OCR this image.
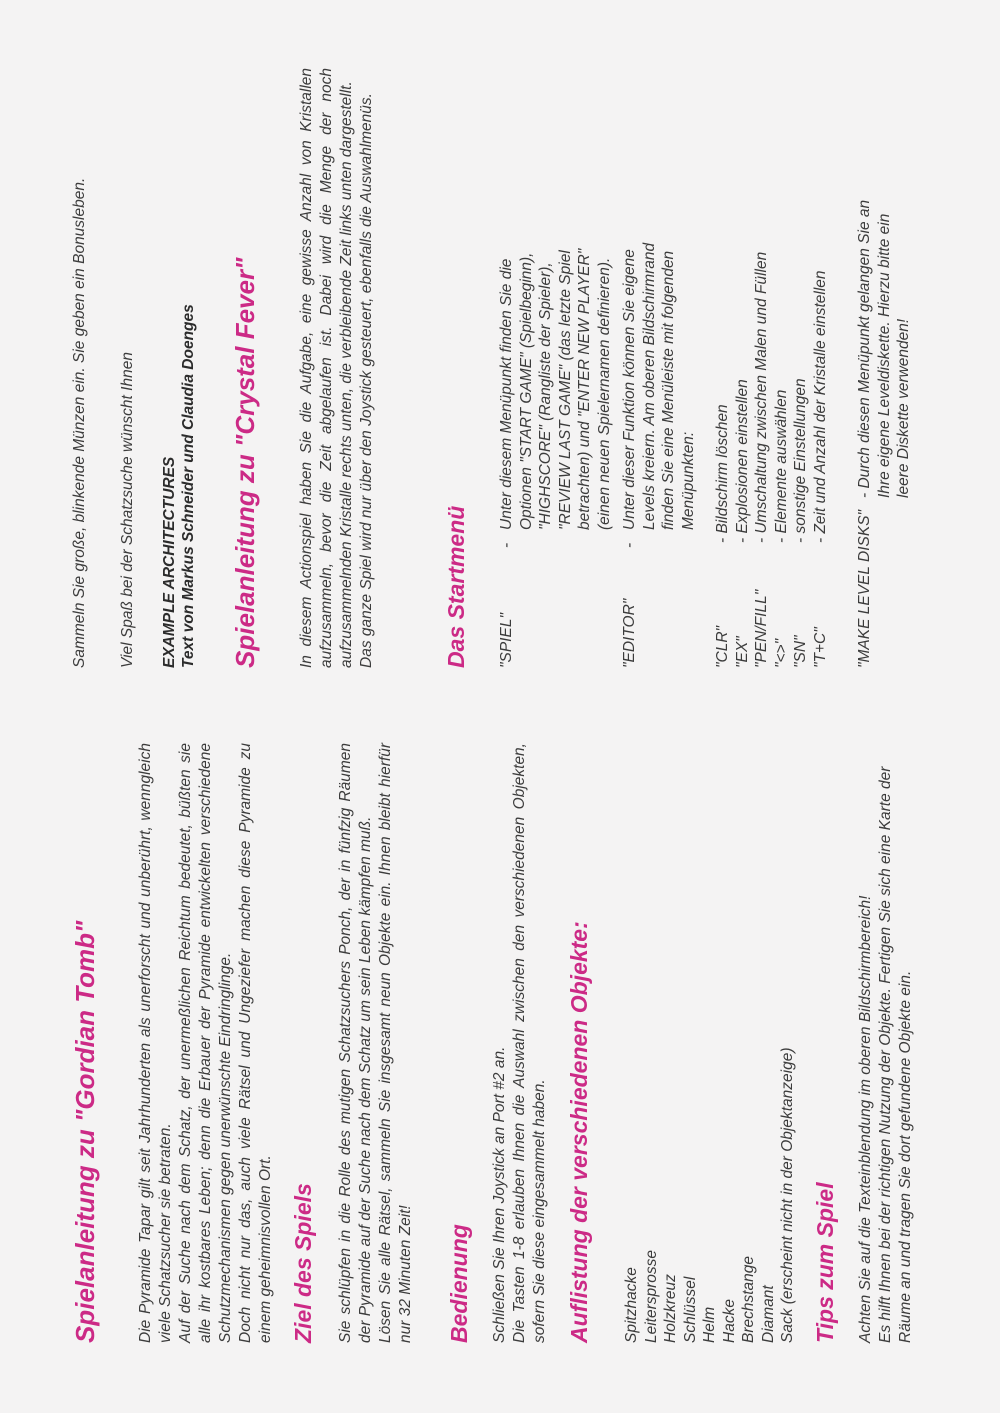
Spielanleitung zu "Gordian Tomb" Die Pyramide Tapar gilt seit Jahrhunderten als unerforscht und unberührt, wenngleich viele Schatzsucher sie betraten. Auf der Suche nach dem Schatz, der unermeßlichen Reichtum bedeutet, büßten sie alle ihr kostbares Leben; denn die Erbauer der Pyramide entwickelten verschiedene Schutzmechanismen gegen unerwünschte Eindringlinge. Doch nicht nur das, auch viele Rätsel und Ungeziefer machen diese Pyramide zu einem geheimnisvollen Ort. Ziel des Spiels Sie schlüpfen in die Rolle des mutigen Schatzsuchers Ponch, der in fünfzig Räumen der Pyramide auf der Suche nach dem Schatz um sein Leben kämpfen muß. Lösen Sie alle Rätsel, sammeln Sie insgesamt neun Objekte ein. Ihnen bleibt hierfür nur 32 Minuten Zeit! Bedienung Schließen Sie Ihren Joystick an Port #2 an. Die Tasten 1-8 erlauben Ihnen die Auswahl zwischen den verschiedenen Objekten, sofern Sie diese eingesammelt haben. Auflistung der verschiedenen Objekte: Spitzhacke Leitersprosse Holzkreuz Schlüssel Helm Hacke Brechstange Diamant Sack (erscheint nicht in der Objektanzeige) Tips zum Spiel Achten Sie auf die Texteinblendung im oberen Bildschirmbereich! Es hilft Ihnen bei der richtigen Nutzung der Objekte. Fertigen Sie sich eine Karte der Räume an und tragen Sie dort gefundene Objekte ein.

Sammeln Sie große, blinkende Münzen ein. Sie geben ein Bonusleben. Viel Spaß bei der Schatzsuche wünscht Ihnen EXAMPLE ARCHITECTURES Text von Markus Schneider und Claudia Doenges Spielanleitung zu "Crystal Fever" In diesem Actionspiel haben Sie die Aufgabe, eine gewisse Anzahl von Kristallen aufzusammeln, bevor die Zeit abgelaufen ist. Dabei wird die Menge der noch aufzusammelnden Kristalle rechts unten, die verbleibende Zeit links unten dargestellt. Das ganze Spiel wird nur über den Joystick gesteuert, ebenfalls die Auswahlmenüs.	Das Startmenü "SPIEL"
-
Unter diesem Menüpunkt finden Sie die Optionen "START GAME" (Spielbeginn), "HIGHSCORE" (Rangliste der Spieler), "REVIEW LAST GAME" (das letzte Spiel betrachten) und "ENTER NEW PLAYER" (einen neuen Spielernamen definieren).
"EDITOR"
-
Unter dieser Funktion können Sie eigene Levels kreiern. Am oberen Bildschirmrand finden Sie eine Menüleiste mit folgenden Menüpunkten:
"CLR"
- Bildschirm löschen
"EX"
- Explosionen einstellen
"PEN/FILL"
- Umschaltung zwischen Malen und Füllen
"<>"
- Elemente auswählen
"SN"
- sonstige Einstellungen
"T+C"
- Zeit und Anzahl der Kristalle einstellen
"MAKE LEVEL DISKS"
- Durch diesen Menüpunkt gelangen Sie an Ihre eigene Leveldiskette. Hierzu bitte ein leere Diskette verwenden!
